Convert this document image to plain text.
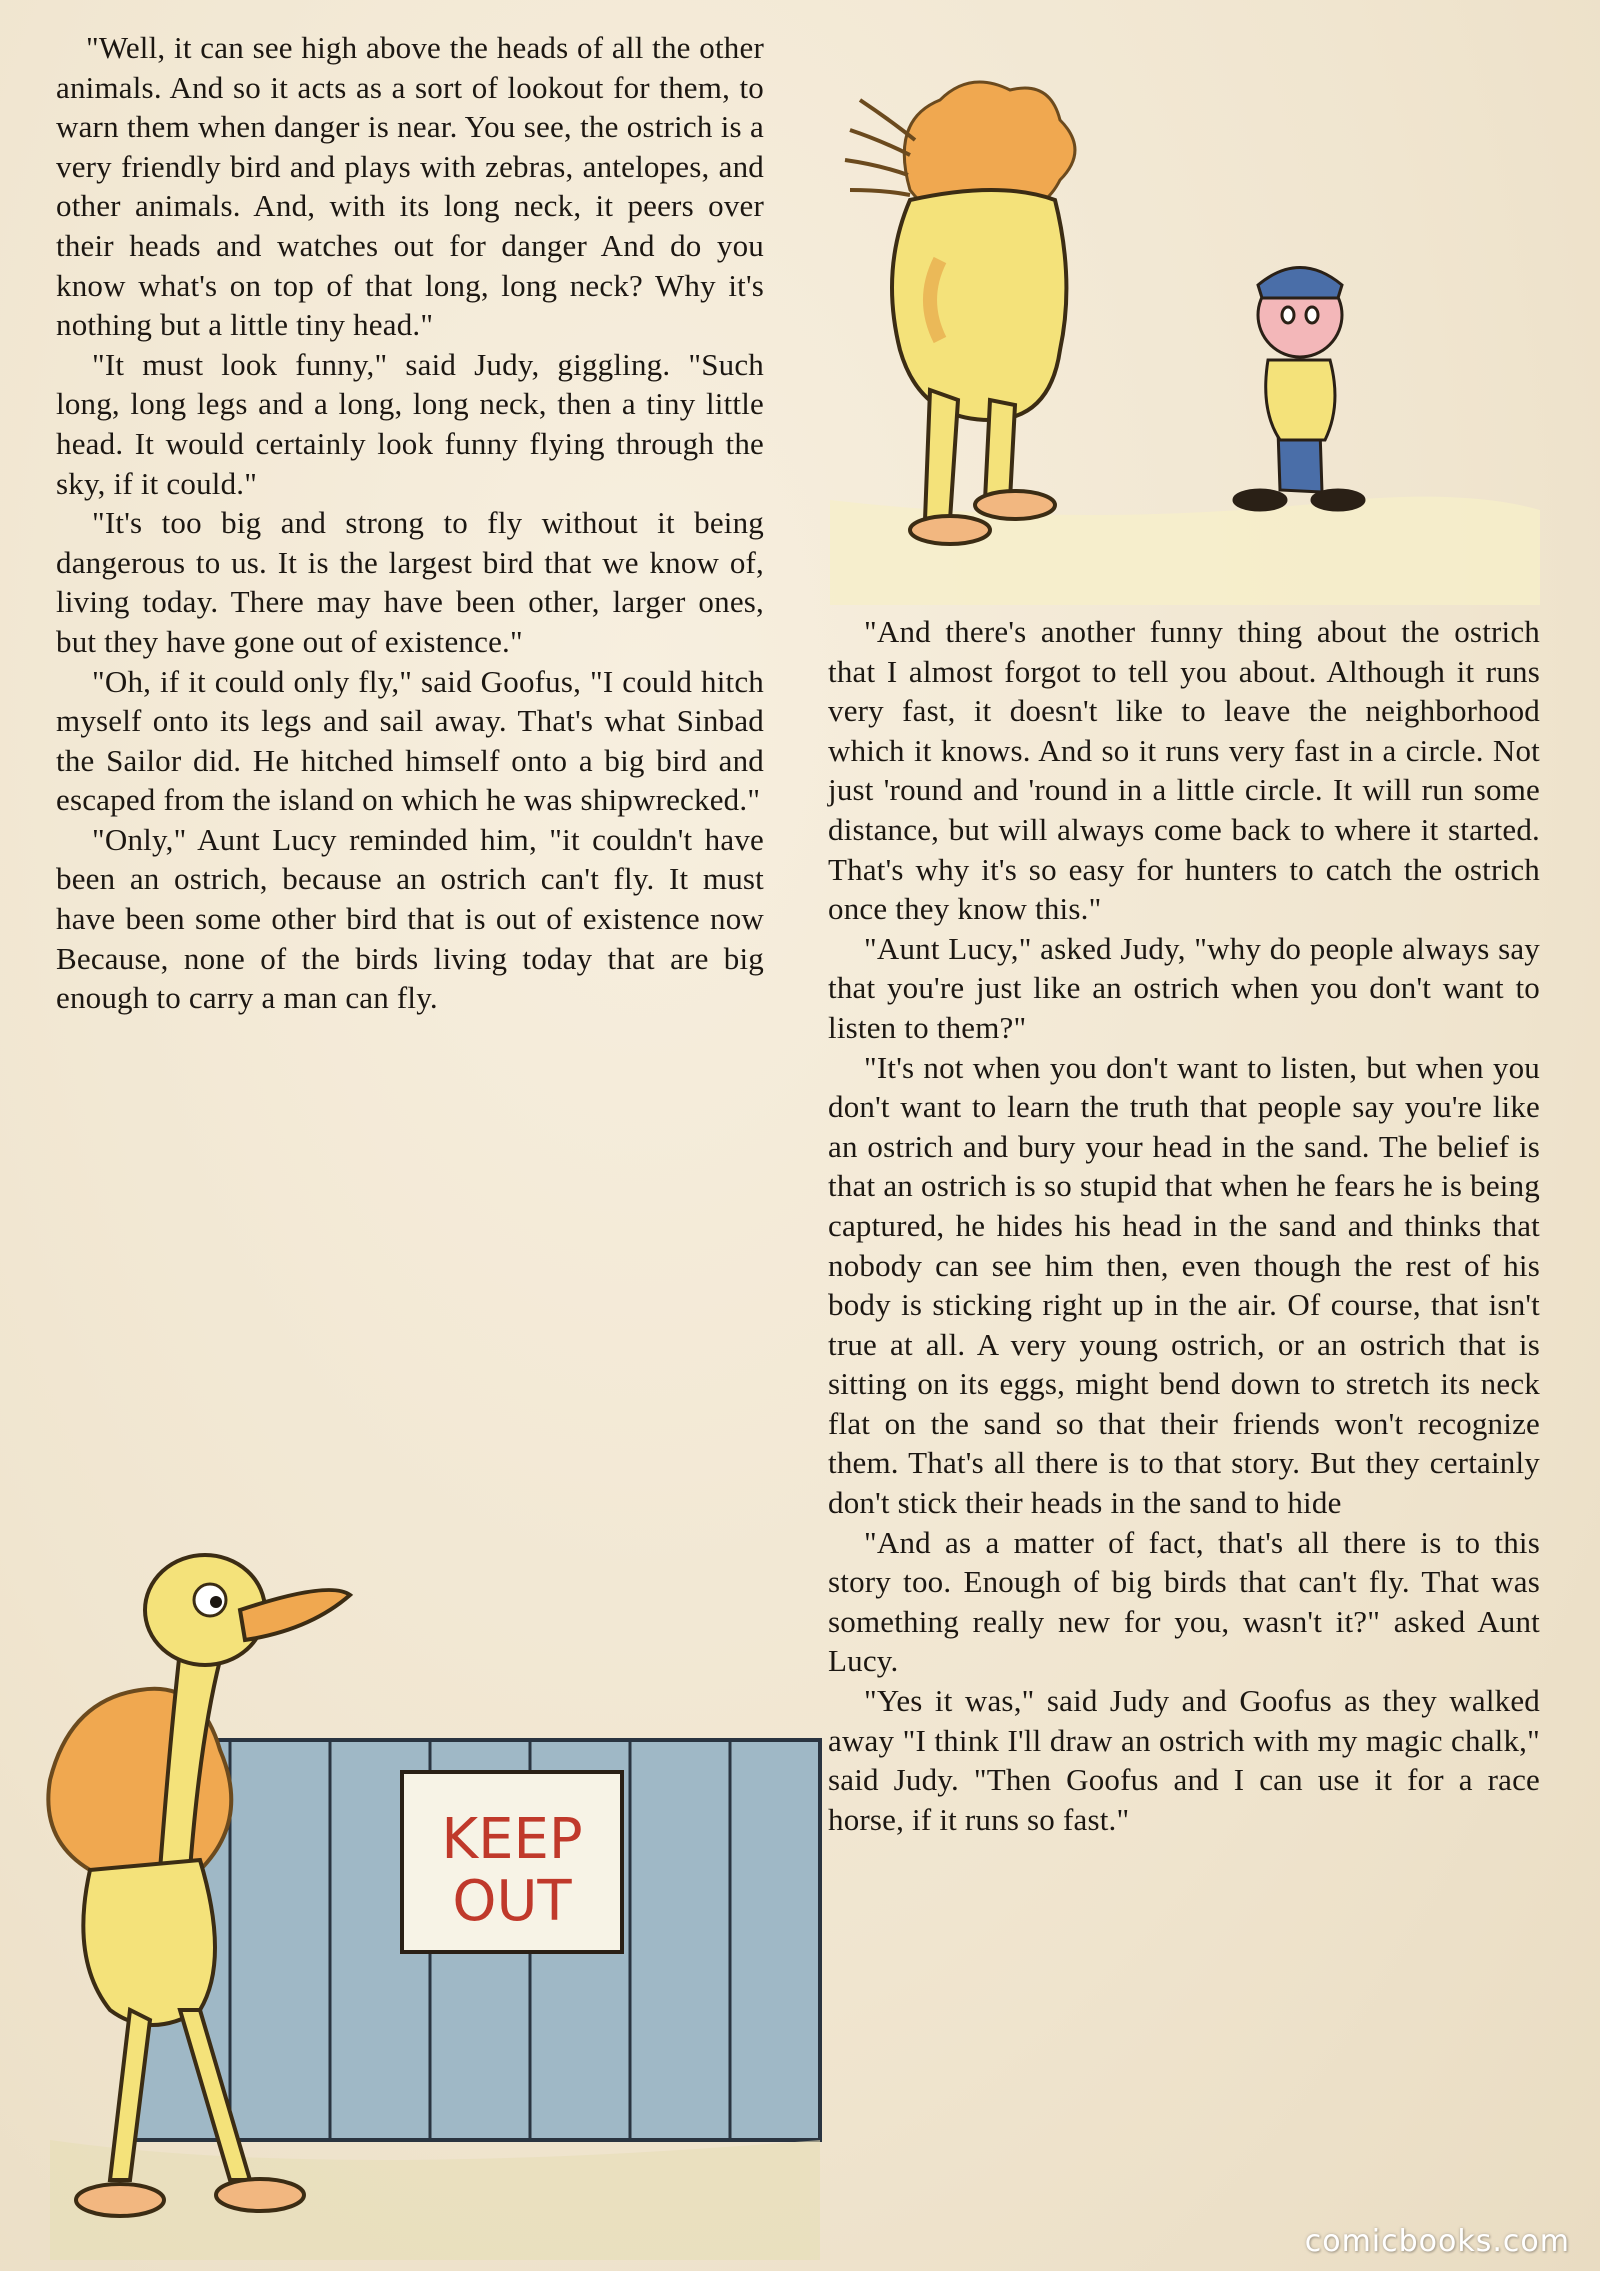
"Well, it can see high above the heads of all the other animals. And so it acts as a sort of lookout for them, to warn them when danger is near. You see, the ostrich is a very friendly bird and plays with zebras, antelopes, and other animals. And, with its long neck, it peers over their heads and watches out for danger And do you know what's on top of that long, long neck? Why it's nothing but a little tiny head."

"It must look funny," said Judy, giggling. "Such long, long legs and a long, long neck, then a tiny little head. It would certainly look funny flying through the sky, if it could."

"It's too big and strong to fly without it being dangerous to us. It is the largest bird that we know of, living today. There may have been other, larger ones, but they have gone out of existence."

"Oh, if it could only fly," said Goofus, "I could hitch myself onto its legs and sail away. That's what Sinbad the Sailor did. He hitched himself onto a big bird and escaped from the island on which he was shipwrecked."

"Only," Aunt Lucy reminded him, "it couldn't have been an ostrich, because an ostrich can't fly. It must have been some other bird that is out of existence now Because, none of the birds living today that are big enough to carry a man can fly.

"And there's another funny thing about the ostrich that I almost forgot to tell you about. Although it runs very fast, it doesn't like to leave the neighborhood which it knows. And so it runs very fast in a circle. Not just 'round and 'round in a little circle. It will run some distance, but will always come back to where it started. That's why it's so easy for hunters to catch the ostrich once they know this."

"Aunt Lucy," asked Judy, "why do people always say that you're just like an ostrich when you don't want to listen to them?"

"It's not when you don't want to listen, but when you don't want to learn the truth that people say you're like an ostrich and bury your head in the sand. The belief is that an ostrich is so stupid that when he fears he is being captured, he hides his head in the sand and thinks that nobody can see him then, even though the rest of his body is sticking right up in the air. Of course, that isn't true at all. A very young ostrich, or an ostrich that is sitting on its eggs, might bend down to stretch its neck flat on the sand so that their friends won't recognize them. That's all there is to that story. But they certainly don't stick their heads in the sand to hide

"And as a matter of fact, that's all there is to this story too. Enough of big birds that can't fly. That was something really new for you, wasn't it?" asked Aunt Lucy.

"Yes it was," said Judy and Goofus as they walked away "I think I'll draw an ostrich with my magic chalk," said Judy. "Then Goofus and I can use it for a race horse, if it runs so fast."

KEEP
OUT
comicbooks.com
